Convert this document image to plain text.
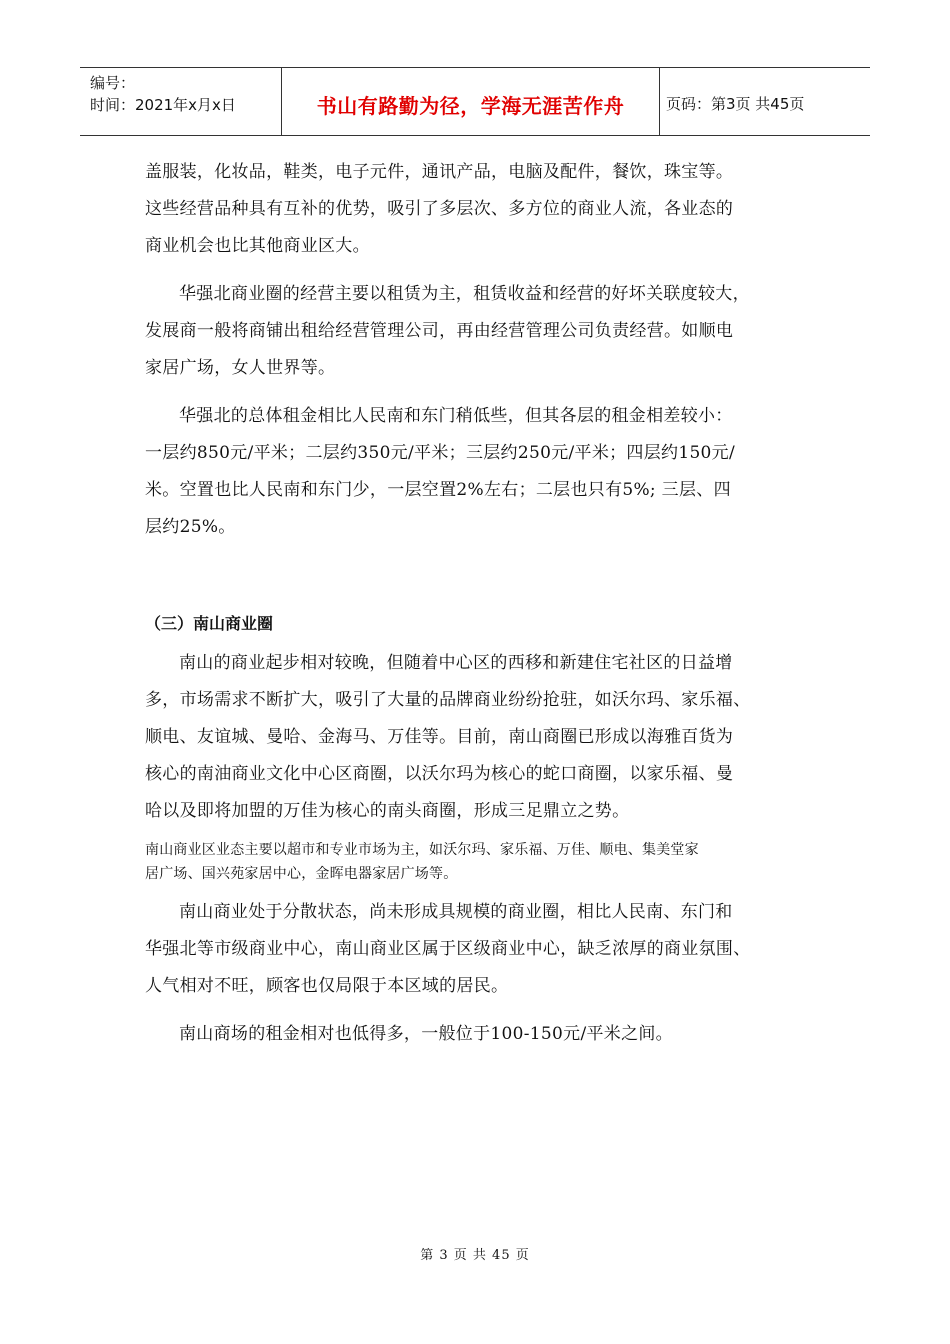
编号：
时间：2021年x月x日	书山有路勤为径，学海无涯苦作舟	页码：第3页 共45页

盖服装，化妆品，鞋类，电子元件，通讯产品，电脑及配件，餐饮，珠宝等。

这些经营品种具有互补的优势，吸引了多层次、多方位的商业人流，各业态的

商业机会也比其他商业区大。

华强北商业圈的经营主要以租赁为主，租赁收益和经营的好坏关联度较大，

发展商一般将商铺出租给经营管理公司，再由经营管理公司负责经营。如顺电

家居广场，女人世界等。

华强北的总体租金相比人民南和东门稍低些，但其各层的租金相差较小：

一层约850元/平米；二层约350元/平米；三层约250元/平米；四层约150元/

米。空置也比人民南和东门少，一层空置2%左右；二层也只有5%; 三层、四

层约25%。

（三）南山商业圈

南山的商业起步相对较晚，但随着中心区的西移和新建住宅社区的日益增

多，市场需求不断扩大，吸引了大量的品牌商业纷纷抢驻，如沃尔玛、家乐福、

顺电、友谊城、曼哈、金海马、万佳等。目前，南山商圈已形成以海雅百货为

核心的南油商业文化中心区商圈，以沃尔玛为核心的蛇口商圈，以家乐福、曼

哈以及即将加盟的万佳为核心的南头商圈，形成三足鼎立之势。

南山商业区业态主要以超市和专业市场为主，如沃尔玛、家乐福、万佳、顺电、集美堂家

居广场、国兴苑家居中心，金晖电器家居广场等。

南山商业处于分散状态，尚未形成具规模的商业圈，相比人民南、东门和

华强北等市级商业中心，南山商业区属于区级商业中心，缺乏浓厚的商业氛围、

人气相对不旺，顾客也仅局限于本区域的居民。

南山商场的租金相对也低得多，一般位于100-150元/平米之间。

第 3 页 共 45 页
